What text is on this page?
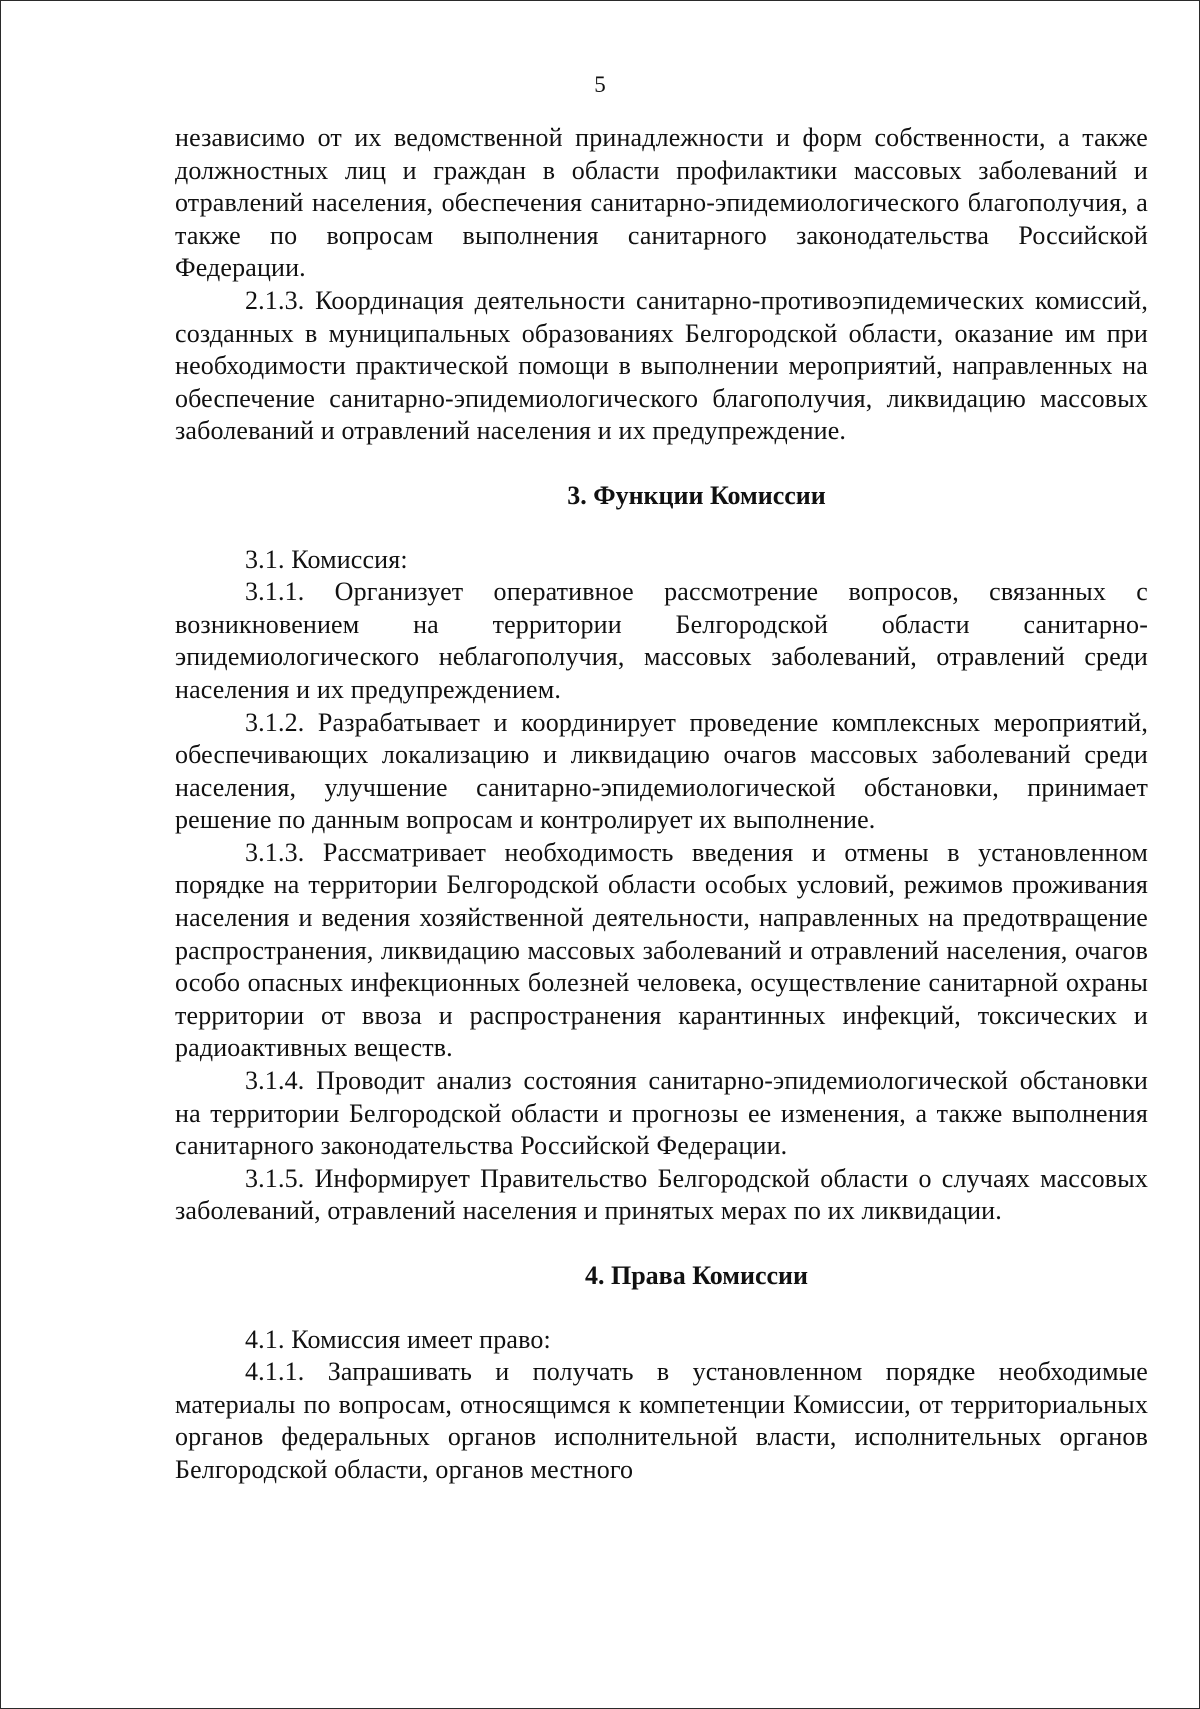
5

независимо от их ведомственной принадлежности и форм собственности, а также должностных лиц и граждан в области профилактики массовых заболеваний и отравлений населения, обеспечения санитарно-эпидемиологического благополучия, а также по вопросам выполнения санитарного законодательства Российской Федерации.

2.1.3. Координация деятельности санитарно-противоэпидемических комиссий, созданных в муниципальных образованиях Белгородской области, оказание им при необходимости практической помощи в выполнении мероприятий, направленных на обеспечение санитарно-эпидемиологического благополучия, ликвидацию массовых заболеваний и отравлений населения и их предупреждение.

3. Функции Комиссии

3.1. Комиссия:

3.1.1. Организует оперативное рассмотрение вопросов, связанных с возникновением на территории Белгородской области санитарно-эпидемиологического неблагополучия, массовых заболеваний, отравлений среди населения и их предупреждением.

3.1.2. Разрабатывает и координирует проведение комплексных мероприятий, обеспечивающих локализацию и ликвидацию очагов массовых заболеваний среди населения, улучшение санитарно-эпидемиологической обстановки, принимает решение по данным вопросам и контролирует их выполнение.

3.1.3. Рассматривает необходимость введения и отмены в установленном порядке на территории Белгородской области особых условий, режимов проживания населения и ведения хозяйственной деятельности, направленных на предотвращение распространения, ликвидацию массовых заболеваний и отравлений населения, очагов особо опасных инфекционных болезней человека, осуществление санитарной охраны территории от ввоза и распространения карантинных инфекций, токсических и радиоактивных веществ.

3.1.4. Проводит анализ состояния санитарно-эпидемиологической обстановки на территории Белгородской области и прогнозы ее изменения, а также выполнения санитарного законодательства Российской Федерации.

3.1.5. Информирует Правительство Белгородской области о случаях массовых заболеваний, отравлений населения и принятых мерах по их ликвидации.

4. Права Комиссии

4.1. Комиссия имеет право:

4.1.1. Запрашивать и получать в установленном порядке необходимые материалы по вопросам, относящимся к компетенции Комиссии, от территориальных органов федеральных органов исполнительной власти, исполнительных органов Белгородской области, органов местного
